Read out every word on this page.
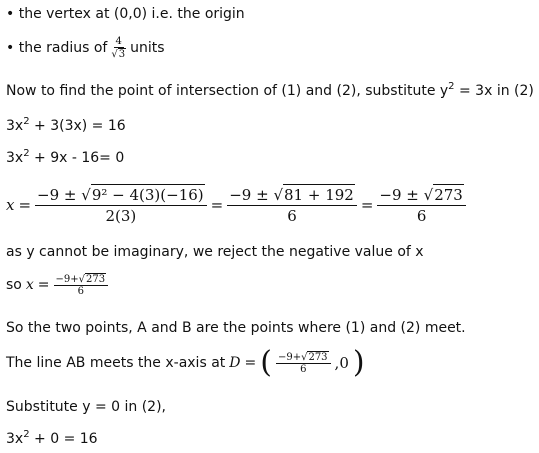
• the vertex at (0,0) i.e. the origin
• the radius of $\frac{4}{√ 3}$ units
Now to find the point of intersection of (1) and (2), substitute $y^2 = 3x$ in (2)
$3x^2 + 3(3x) = 16$
$3x^2 + 9x - 16= 0$
$x = \frac{\text{−9 ± √ 9² − 4(3)(−16)}}{2(3)} = \frac{-9 \pm √ 81 + 192}{6} = \frac{-9 \pm √ 273}{6}$
as y cannot be imaginary, we reject the negative value of x
so $x = \frac{-9+ √ 273}{6}$
So the two points, A and B are the points where (1) and (2) meet.
The line AB meets the x-axis at D = ( $\frac{-9+ √ 273}{6} ,0$ )
Substitute y = 0 in (2),
$3x^2 + 0 = 16$
